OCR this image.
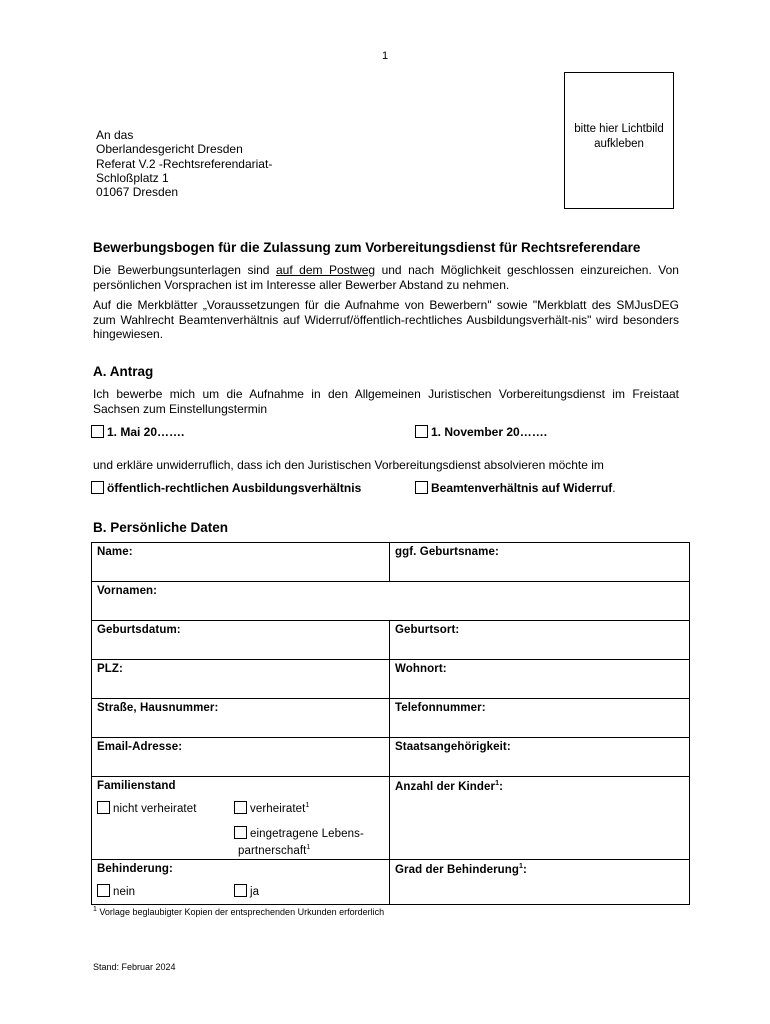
1
An das
Oberlandesgericht Dresden
Referat V.2 -Rechtsreferendariat-
Schloßplatz 1
01067 Dresden
bitte hier Lichtbild
aufkleben
Bewerbungsbogen für die Zulassung zum Vorbereitungsdienst für Rechtsreferendare
Die Bewerbungsunterlagen sind auf dem Postweg und nach Möglichkeit geschlossen einzureichen. Von persönlichen Vorsprachen ist im Interesse aller Bewerber Abstand zu nehmen.
Auf die Merkblätter „Voraussetzungen für die Aufnahme von Bewerbern" sowie "Merkblatt des SMJusDEG zum Wahlrecht Beamtenverhältnis auf Widerruf/öffentlich-rechtliches Ausbildungsverhält-nis" wird besonders hingewiesen.
A. Antrag
Ich bewerbe mich um die Aufnahme in den Allgemeinen Juristischen Vorbereitungsdienst im Freistaat Sachsen zum Einstellungstermin
1. Mai 20…….	1. November 20…….
und erkläre unwiderruflich, dass ich den Juristischen Vorbereitungsdienst absolvieren möchte im
öffentlich-rechtlichen Ausbildungsverhältnis	Beamtenverhältnis auf Widerruf.
B. Persönliche Daten
Name:	ggf. Geburtsname:
Vornamen:	
Geburtsdatum:	Geburtsort:
PLZ:	Wohnort:
Straße, Hausnummer:	Telefonnummer:
Email-Adresse:	Staatsangehörigkeit:

Familienstand
nicht verheiratet verheiratet$^1$
eingetragene Lebens-
partnerschaft$^1$	Anzahl der Kinder$^1$:

Behinderung:
nein ja	Grad der Behinderung$^1$:
$^1$ Vorlage beglaubigter Kopien der entsprechenden Urkunden erforderlich
Stand: Februar 2024
